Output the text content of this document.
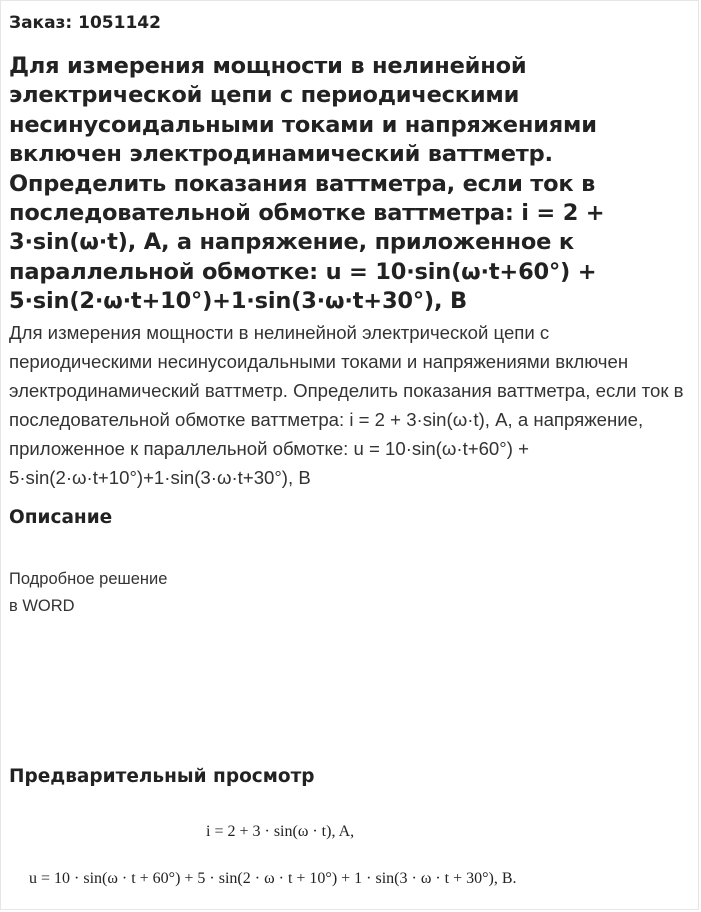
Заказ: 1051142
Для измерения мощности в нелинейной электрической цепи с периодическими несинусоидальными токами и напряжениями включен электродинамический ваттметр. Определить показания ваттметра, если ток в последовательной обмотке ваттметра: i = 2 + 3·sin(ω·t), А, а напряжение, приложенное к параллельной обмотке: u = 10·sin(ω·t+60°) + 5·sin(2·ω·t+10°)+1·sin(3·ω·t+30°), В
Для измерения мощности в нелинейной электрической цепи с периодическими несинусоидальными токами и напряжениями включен электродинамический ваттметр. Определить показания ваттметра, если ток в последовательной обмотке ваттметра: i = 2 + 3·sin(ω·t), А, а напряжение, приложенное к параллельной обмотке: u = 10·sin(ω·t+60°) + 5·sin(2·ω·t+10°)+1·sin(3·ω·t+30°), В
Описание
Подробное решение
в WORD
Предварительный просмотр
i = 2 + 3 · sin(ω · t), A,
u = 10 · sin(ω · t + 60°) + 5 · sin(2 · ω · t + 10°) + 1 · sin(3 · ω · t + 30°), B.
